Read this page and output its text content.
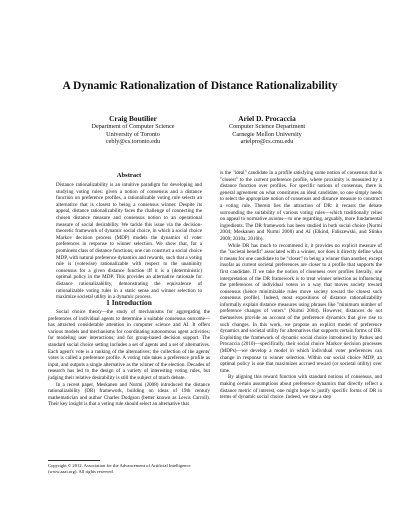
A Dynamic Rationalization of Distance Rationalizability
Craig Boutilier
Department of Computer Science
University of Toronto
cebly@cs.toronto.edu
Ariel D. Procaccia
Computer Science Department
Carnegie Mellon University
arielpro@cs.cmu.edu
Abstract

Distance rationalizability is an intuitive paradigm for developing and studying voting rules: given a notion of consensus and a distance function on preference profiles, a rationalizable voting rule selects an alternative that is closest to being a consensus winner. Despite its appeal, distance rationalizability faces the challenge of connecting the chosen distance measure and consensus notion to an operational measure of social desirability. We tackle this issue via the decision-theoretic framework of dynamic social choice, in which a social choice Markov decision process (MDP) models the dynamics of voter preferences in response to winner selection. We show that, for a prominent class of distance functions, one can construct a social choice MDP, with natural preference dynamics and rewards, such that a voting rule is (votewise) rationalizable with respect to the unanimity consensus for a given distance function iff it is a (deterministic) optimal policy in the MDP. This provides an alternative rationale for distance rationalizability, demonstrating the equivalence of rationalizable voting rules in a static sense and winner selection to maximize societal utility in a dynamic process.

1 Introduction

Social choice theory—the study of mechanisms for aggregating the preferences of individual agents to determine a suitable consensus outcome—has attracted considerable attention in computer science and AI. It offers various models and mechanisms for coordinating autonomous agent activities; for modeling user interactions; and for group-based decision support. The standard social choice setting includes a set of agents and a set of alternatives. Each agent's vote is a ranking of the alternatives; the collection of the agents' votes is called a preference profile. A voting rule takes a preference profile as input, and outputs a single alternative as the winner of the election. Decades of research has led to the design of a variety of interesting voting rules, but judging their relative desirability is still the subject of much debate.

In a recent paper, Meskanen and Nurmi (2008) introduced the distance rationalizability (DR) framework, building on ideas of 19th century mathematician and author Charles Dodgson (better known as Lewis Carroll). Their key insight is that a voting rule should select an alternative that

Copyright © 2012, Association for the Advancement of Artificial Intelligence (www.aaai.org). All rights reserved.

is the "ideal" candidate in a profile satisfying some notion of consensus that is "closest" to the current preference profile, where proximity is measured by a distance function over profiles. For specific notions of consensus, there is general agreement on what constitutes an ideal candidate, so one simply needs to select the appropriate notion of consensus and distance measure to construct a voting rule. Therein lies the attraction of DR: it recasts the debate surrounding the suitability of various voting rules—which traditionally relies on appeal to normative axioms—to one regarding, arguably, more fundamental ingredients. The DR framework has been studied in both social choice (Nurmi 2004; Meskanen and Nurmi 2008) and AI (Elkind, Faliszewski, and Slinko 2009; 2010a; 2010b).

While DR has much to recommend it, it provides no explicit measure of the "societal benefit" associated with a winner, nor does it directly define what it means for one candidate to be "closer" to being a winner than another, except insofar as current societal preferences are closer to a profile that supports the first candidate. If we take the notion of closeness over profiles literally, one interpretation of the DR framework is to treat winner selection as influencing the preferences of individual voters in a way that moves society toward consensus (hence minimizable rules move society toward the closest such consensus profile). Indeed, most expositions of distance rationalizability informally explain distance measures using phrases like "minimum number of preference changes of voters" (Nurmi 2004). However, distances do not themselves provide an account of the preference dynamics that give rise to such changes. In this work, we propose an explicit model of preference dynamics and societal utility for alternatives that supports certain forms of DR. Exploiting the framework of dynamic social choice introduced by Parkes and Procaccia (2010)—specifically, their social choice Markov decision processes (MDPs)—we develop a model in which individual voter preferences can change in response to winner selection. Within our social choice MDP, an optimal policy is one that maximizes accrued reward (or societal utility) over time.

By aligning this reward function with standard notions of consensus, and making certain assumptions about preference dynamics that directly reflect a distance metric of interest, one might hope to justify specific forms of DR in terms of dynamic social choice. Indeed, we take a step
